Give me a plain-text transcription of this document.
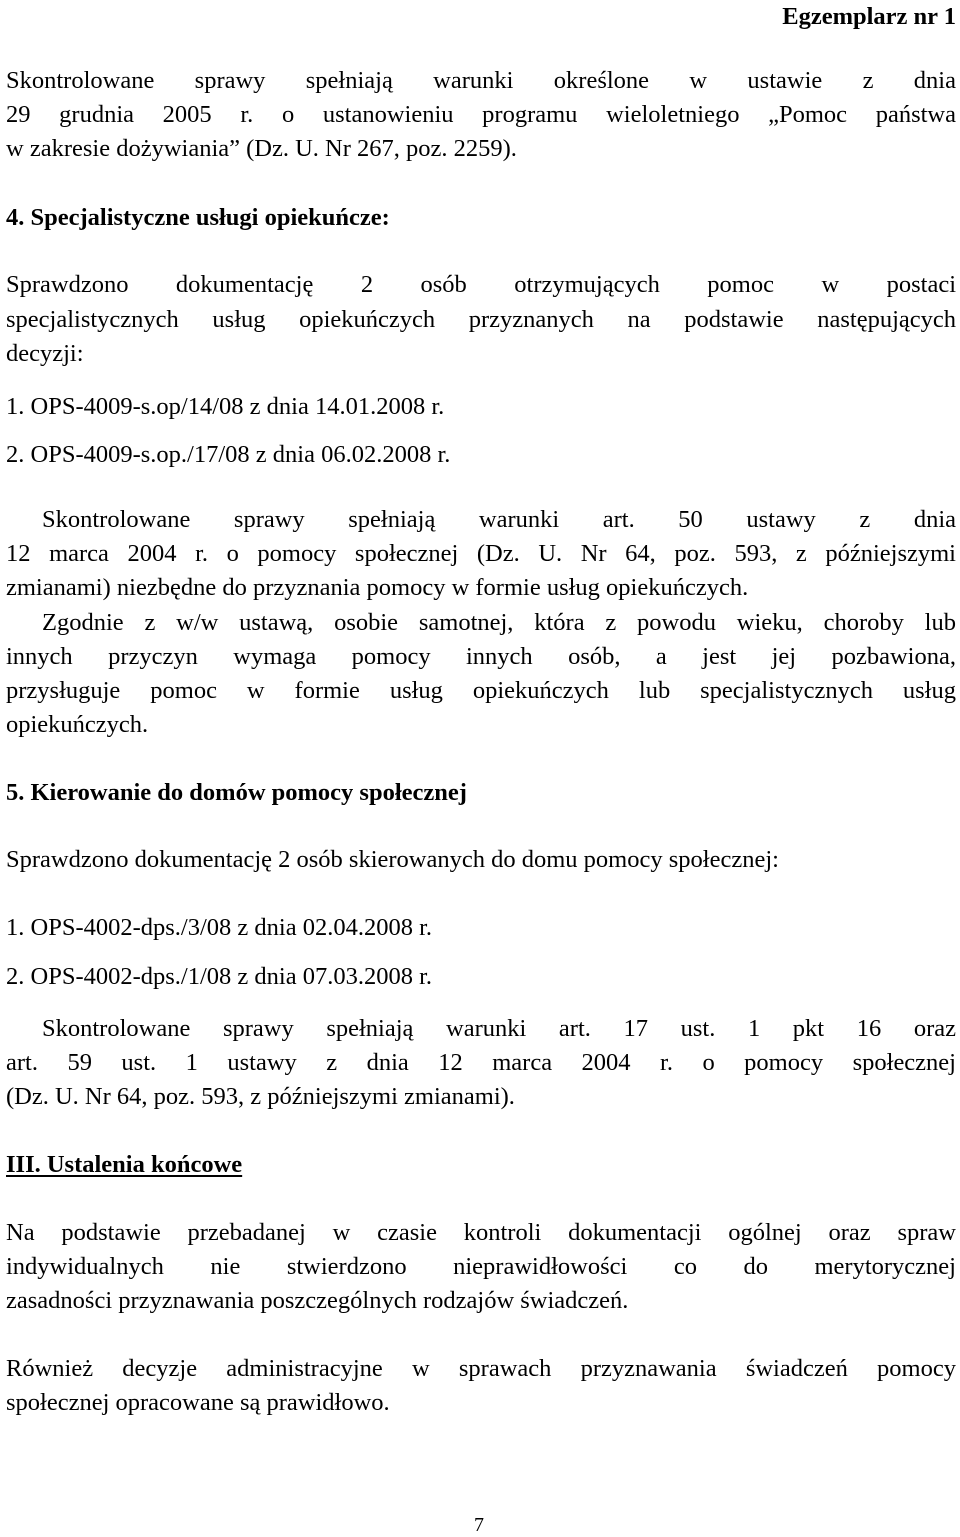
Egzemplarz nr 1
Skontrolowane sprawy spełniają warunki określone w ustawie z dnia
29 grudnia 2005 r. o ustanowieniu programu wieloletniego „Pomoc państwa
w zakresie dożywiania” (Dz. U. Nr 267, poz. 2259).
4. Specjalistyczne usługi opiekuńcze:
Sprawdzono dokumentację 2 osób otrzymujących pomoc w postaci
specjalistycznych usług opiekuńczych przyznanych na podstawie następujących
decyzji:
1. OPS-4009-s.op/14/08 z dnia 14.01.2008 r.
2. OPS-4009-s.op./17/08 z dnia 06.02.2008 r.
Skontrolowane sprawy spełniają warunki art. 50 ustawy z dnia
12 marca 2004 r. o pomocy społecznej (Dz. U. Nr 64, poz. 593, z późniejszymi
zmianami) niezbędne do przyznania pomocy w formie usług opiekuńczych.
Zgodnie z w/w ustawą, osobie samotnej, która z powodu wieku, choroby lub
innych przyczyn wymaga pomocy innych osób, a jest jej pozbawiona,
przysługuje pomoc w formie usług opiekuńczych lub specjalistycznych usług
opiekuńczych.
5. Kierowanie do domów pomocy społecznej
Sprawdzono dokumentację 2 osób skierowanych do domu pomocy społecznej:
1. OPS-4002-dps./3/08 z dnia 02.04.2008 r.
2. OPS-4002-dps./1/08 z dnia 07.03.2008 r.
Skontrolowane sprawy spełniają warunki art. 17 ust. 1 pkt 16 oraz
art. 59 ust. 1 ustawy z dnia 12 marca 2004 r. o pomocy społecznej
(Dz. U. Nr 64, poz. 593, z późniejszymi zmianami).
III. Ustalenia końcowe
Na podstawie przebadanej w czasie kontroli dokumentacji ogólnej oraz spraw
indywidualnych nie stwierdzono nieprawidłowości co do merytorycznej
zasadności przyznawania poszczególnych rodzajów świadczeń.
Również decyzje administracyjne w sprawach przyznawania świadczeń pomocy
społecznej opracowane są prawidłowo.
7
